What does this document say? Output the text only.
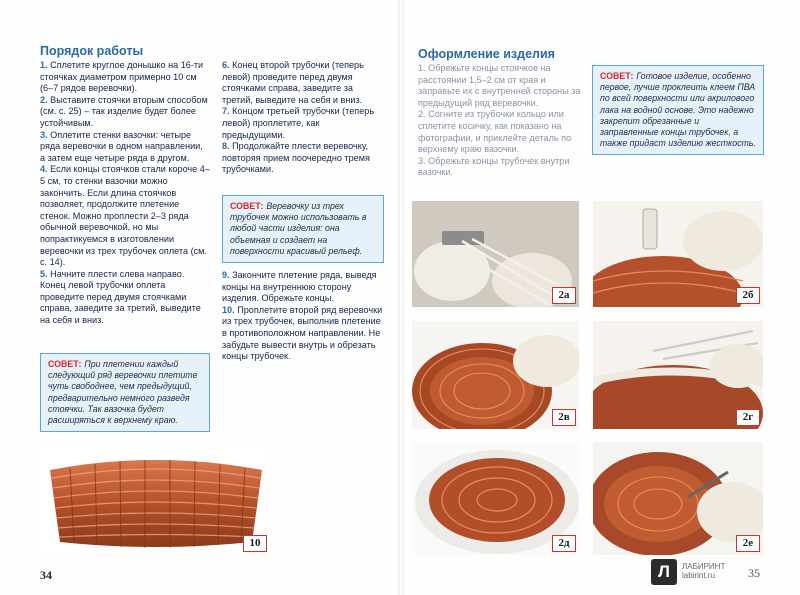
Порядок работы

1. Сплетите круглое донышко на 16-ти стоячках диаметром примерно 10 см (6–7 рядов веревочки).

2. Выставите стоячки вторым способом (см. с. 25) – так изделие будет более устойчивым.

3. Оплетите стенки вазочки: четыре ряда веревочки в одном направлении, а затем еще четыре ряда в другом.

4. Если концы стоячков стали короче 4–5 см, то стенки вазочки можно закончить. Если длина стоячков позволяет, продолжите плетение стенок. Можно проплести 2–3 ряда обычной веревочкой, но мы попрактикуемся в изготовлении веревочки из трех трубочек оплета (см. с. 14).

5. Начните плести слева направо. Конец левой трубочки оплета проведите перед двумя стоячками справа, заведите за третий, выведите на себя и вниз.

СОВЕТ: При плетении каждый следующий ряд веревочки плетите чуть свободнее, чем предыдущий, предварительно немного разведя стоячки. Так вазочка будет расширяться к верхнему краю.

6. Конец второй трубочки (теперь левой) проведите перед двумя стоячками справа, заведите за третий, выведите на себя и вниз.

7. Концом третьей трубочки (теперь левой) проплетите, как предыдущими.

8. Продолжайте плести веревочку, повторяя прием поочередно тремя трубочками.

СОВЕТ: Веревочку из трех трубочек можно использовать в любой части изделия: она объемная и создает на поверхности красивый рельеф.

9. Закончите плетение ряда, выведя концы на внутреннюю сторону изделия. Обрежьте концы.

10. Проплетите второй ряд веревочки из трех трубочек, выполнив плетение в противоположном направлении. Не забудьте вывести внутрь и обрезать концы трубочек.

10
34
Оформление изделия

1. Обрежьте концы стоячков на расстоянии 1,5–2 см от края и заправьте их с внутренней стороны за предыдущий ряд веревочки.

2. Согните из трубочки кольцо или сплетите косичку, как показано на фотографии, и приклейте деталь по верхнему краю вазочки.

3. Обрежьте концы трубочек внутри вазочки.

СОВЕТ: Готовое изделие, особенно первое, лучше проклеить клеем ПВА по всей поверхности или акрилового лака на водной основе. Это надежно закрепит обрезанные и заправленные концы трубочек, а также придаст изделию жесткость.
2а	2б
2в	2г
2д	2е
35
Л	ЛАБИРИНТ
labirint.ru
